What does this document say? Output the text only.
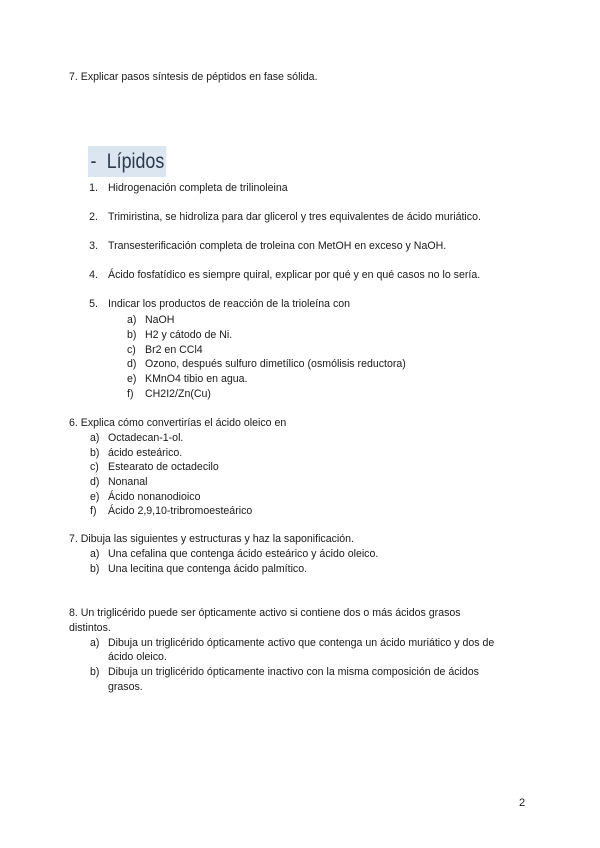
7. Explicar pasos síntesis de péptidos en fase sólida.
- Lípidos
1. Hidrogenación completa de trilinoleina
2. Trimiristina, se hidroliza para dar glicerol y tres equivalentes de ácido muriático.
3. Transesterificación completa de troleina con MetOH en exceso y NaOH.
4. Ácido fosfatídico es siempre quiral, explicar por qué y en qué casos no lo sería.
5. Indicar los productos de reacción de la trioleína con
a) NaOH
b) H2 y cátodo de Ni.
c) Br2 en CCl4
d) Ozono, después sulfuro dimetílico (osmólisis reductora)
e) KMnO4 tibio en agua.
f) CH2I2/Zn(Cu)
6. Explica cómo convertirías el ácido oleico en
a) Octadecan-1-ol.
b) ácido esteárico.
c) Estearato de octadecilo
d) Nonanal
e) Ácido nonanodioico
f) Ácido 2,9,10-tribromoesteárico
7. Dibuja las siguientes y estructuras y haz la saponificación.
a) Una cefalina que contenga ácido esteárico y ácido oleico.
b) Una lecitina que contenga ácido palmítico.
8. Un triglicérido puede ser ópticamente activo si contiene dos o más ácidos grasos
distintos.
a) Dibuja un triglicérido ópticamente activo que contenga un ácido muriático y dos de
ácido oleico.
b) Dibuja un triglicérido ópticamente inactivo con la misma composición de ácidos
grasos.
2
